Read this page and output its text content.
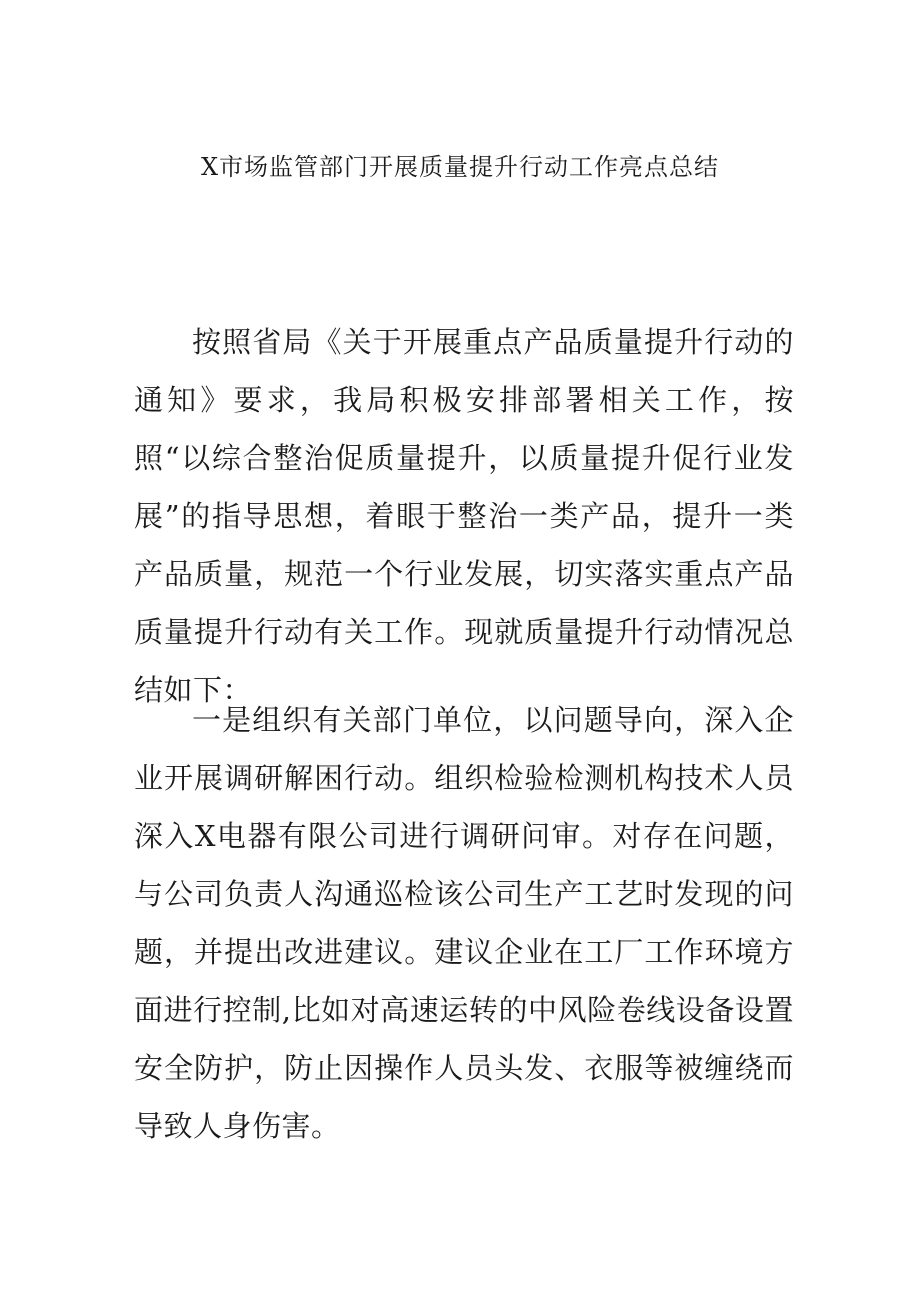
X市场监管部门开展质量提升行动工作亮点总结

按照省局《关于开展重点产品质量提升行动的通知》要求，我局积极安排部署相关工作，按照“以综合整治促质量提升，以质量提升促行业发展”的指导思想，着眼于整治一类产品，提升一类产品质量，规范一个行业发展，切实落实重点产品质量提升行动有关工作。现就质量提升行动情况总结如下：

一是组织有关部门单位，以问题导向，深入企业开展调研解困行动。组织检验检测机构技术人员深入X电器有限公司进行调研问审。对存在问题，与公司负责人沟通巡检该公司生产工艺时发现的问题，并提出改进建议。建议企业在工厂工作环境方面进行控制,比如对高速运转的中风险卷线设备设置安全防护，防止因操作人员头发、衣服等被缠绕而导致人身伤害。
